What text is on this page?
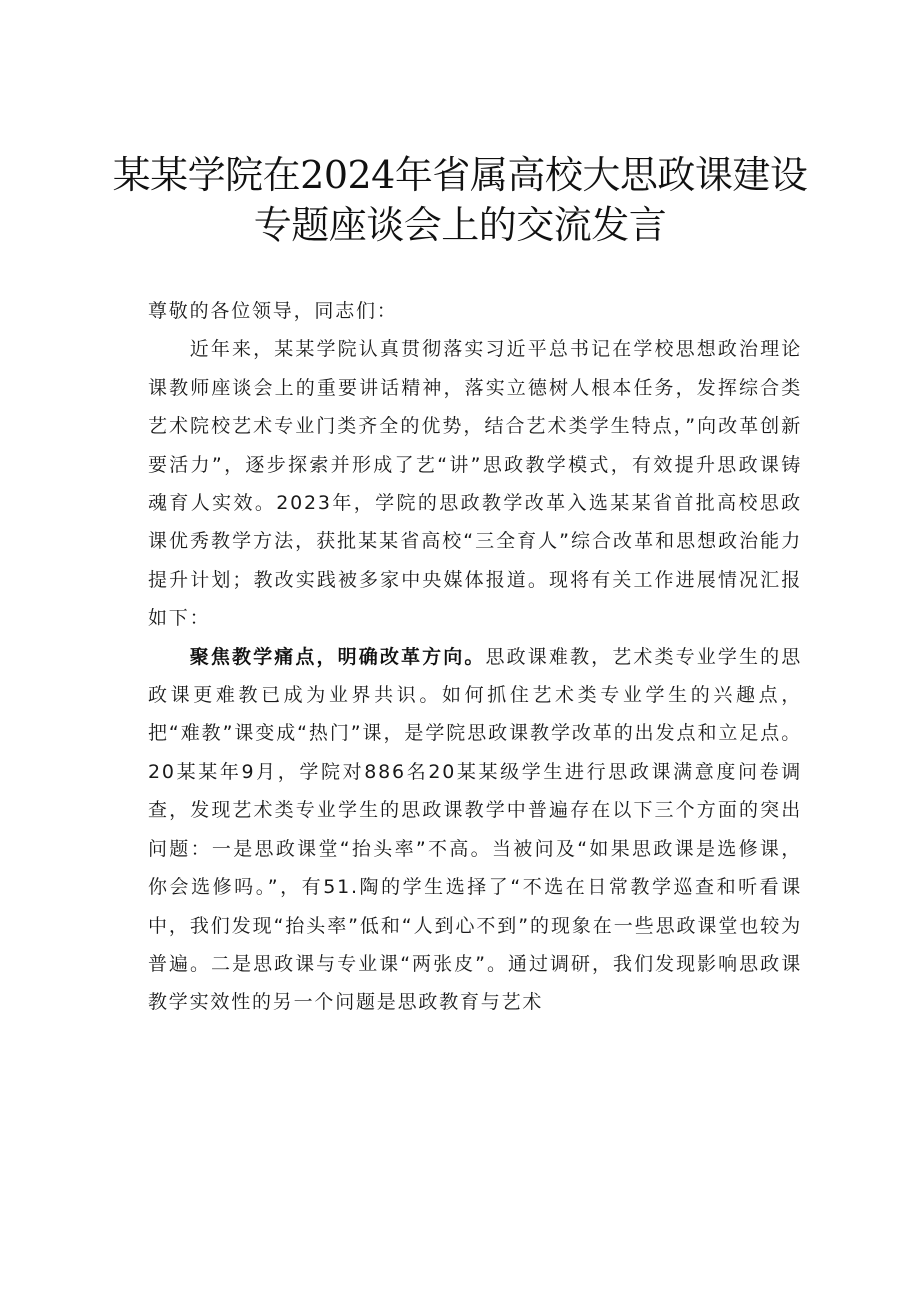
某某学院在2024年省属高校大思政课建设
专题座谈会上的交流发言

尊敬的各位领导，同志们：

近年来，某某学院认真贯彻落实习近平总书记在学校思想政治理论课教师座谈会上的重要讲话精神，落实立德树人根本任务，发挥综合类艺术院校艺术专业门类齐全的优势，结合艺术类学生特点，”向改革创新要活力”，逐步探索并形成了艺“讲”思政教学模式，有效提升思政课铸魂育人实效。2023年，学院的思政教学改革入选某某省首批高校思政课优秀教学方法，获批某某省高校“三全育人”综合改革和思想政治能力提升计划；教改实践被多家中央媒体报道。现将有关工作进展情况汇报如下：

聚焦教学痛点，明确改革方向。思政课难教，艺术类专业学生的思政课更难教已成为业界共识。如何抓住艺术类专业学生的兴趣点，把“难教”课变成“热门”课，是学院思政课教学改革的出发点和立足点。20某某年9月，学院对886名20某某级学生进行思政课满意度问卷调查，发现艺术类专业学生的思政课教学中普遍存在以下三个方面的突出问题：一是思政课堂“抬头率”不高。当被问及“如果思政课是选修课，你会选修吗。”，有51.陶的学生选择了“不选在日常教学巡查和听看课中，我们发现“抬头率”低和“人到心不到”的现象在一些思政课堂也较为普遍。二是思政课与专业课“两张皮”。通过调研，我们发现影响思政课教学实效性的另一个问题是思政教育与艺术
